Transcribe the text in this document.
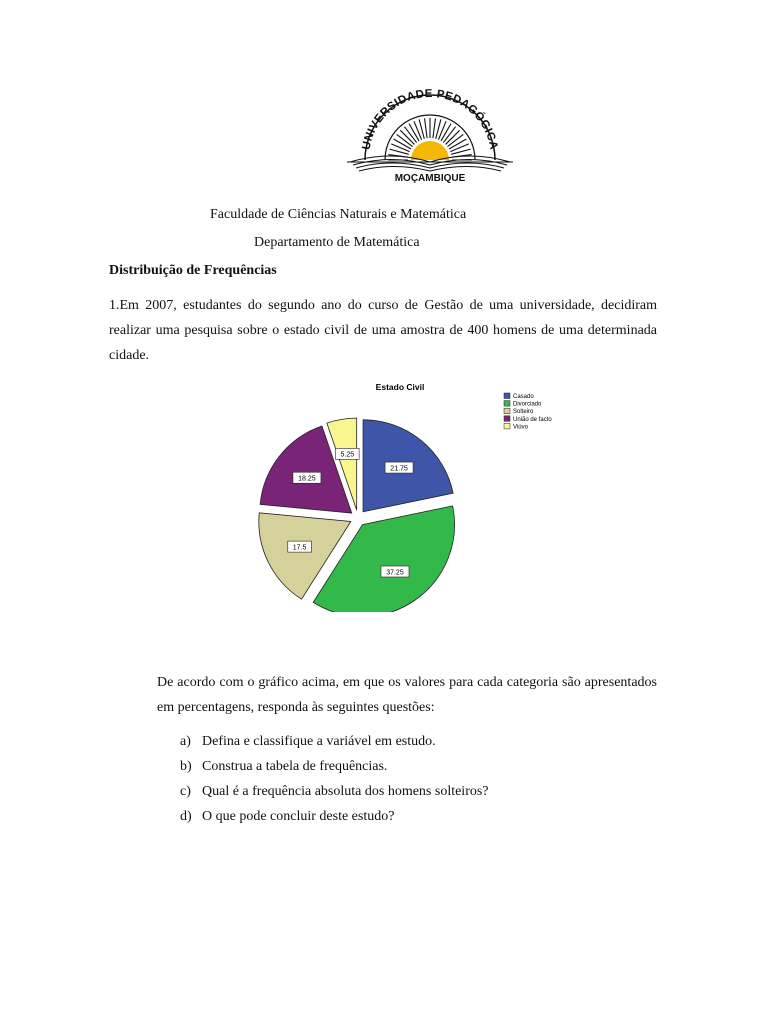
UNIVERSIDADE PEDAGÓGICA
MOÇAMBIQUE
Faculdade de Ciências Naturais e Matemática
Departamento de Matemática
Distribuição de Frequências

1.Em 2007, estudantes do segundo ano do curso de Gestão de uma universidade, decidiram realizar uma pesquisa sobre o estado civil de uma amostra de 400 homens de uma determinada cidade.

Estado Civil
21.75
37.25
17.5
18.25
5.25
Casado
Divorciado
Solteiro
União de facto
Viúvo

De acordo com o gráfico acima, em que os valores para cada categoria são apresentados em percentagens, responda às seguintes questões:

a) Defina e classifique a variável em estudo.
b) Construa a tabela de frequências.
c) Qual é a frequência absoluta dos homens solteiros?
d) O que pode concluir deste estudo?
